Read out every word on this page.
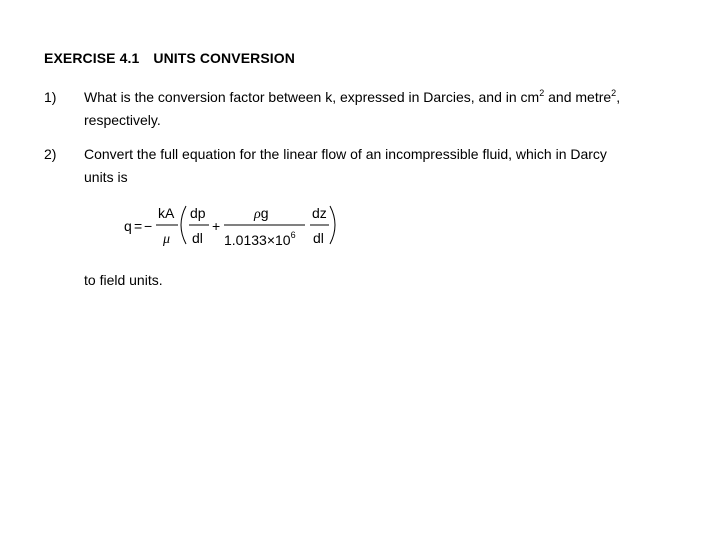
EXERCISE 4.1 UNITS CONVERSION
1) What is the conversion factor between k, expressed in Darcies, and in $cm^2$ and metre$^2$,
respectively.
2) Convert the full equation for the linear flow of an incompressible fluid, which in Darcy
units is
q = −
kA
μ
dp
dl
+
ρg
$1.0133\times 10^6$
dz
dl
to field units.
